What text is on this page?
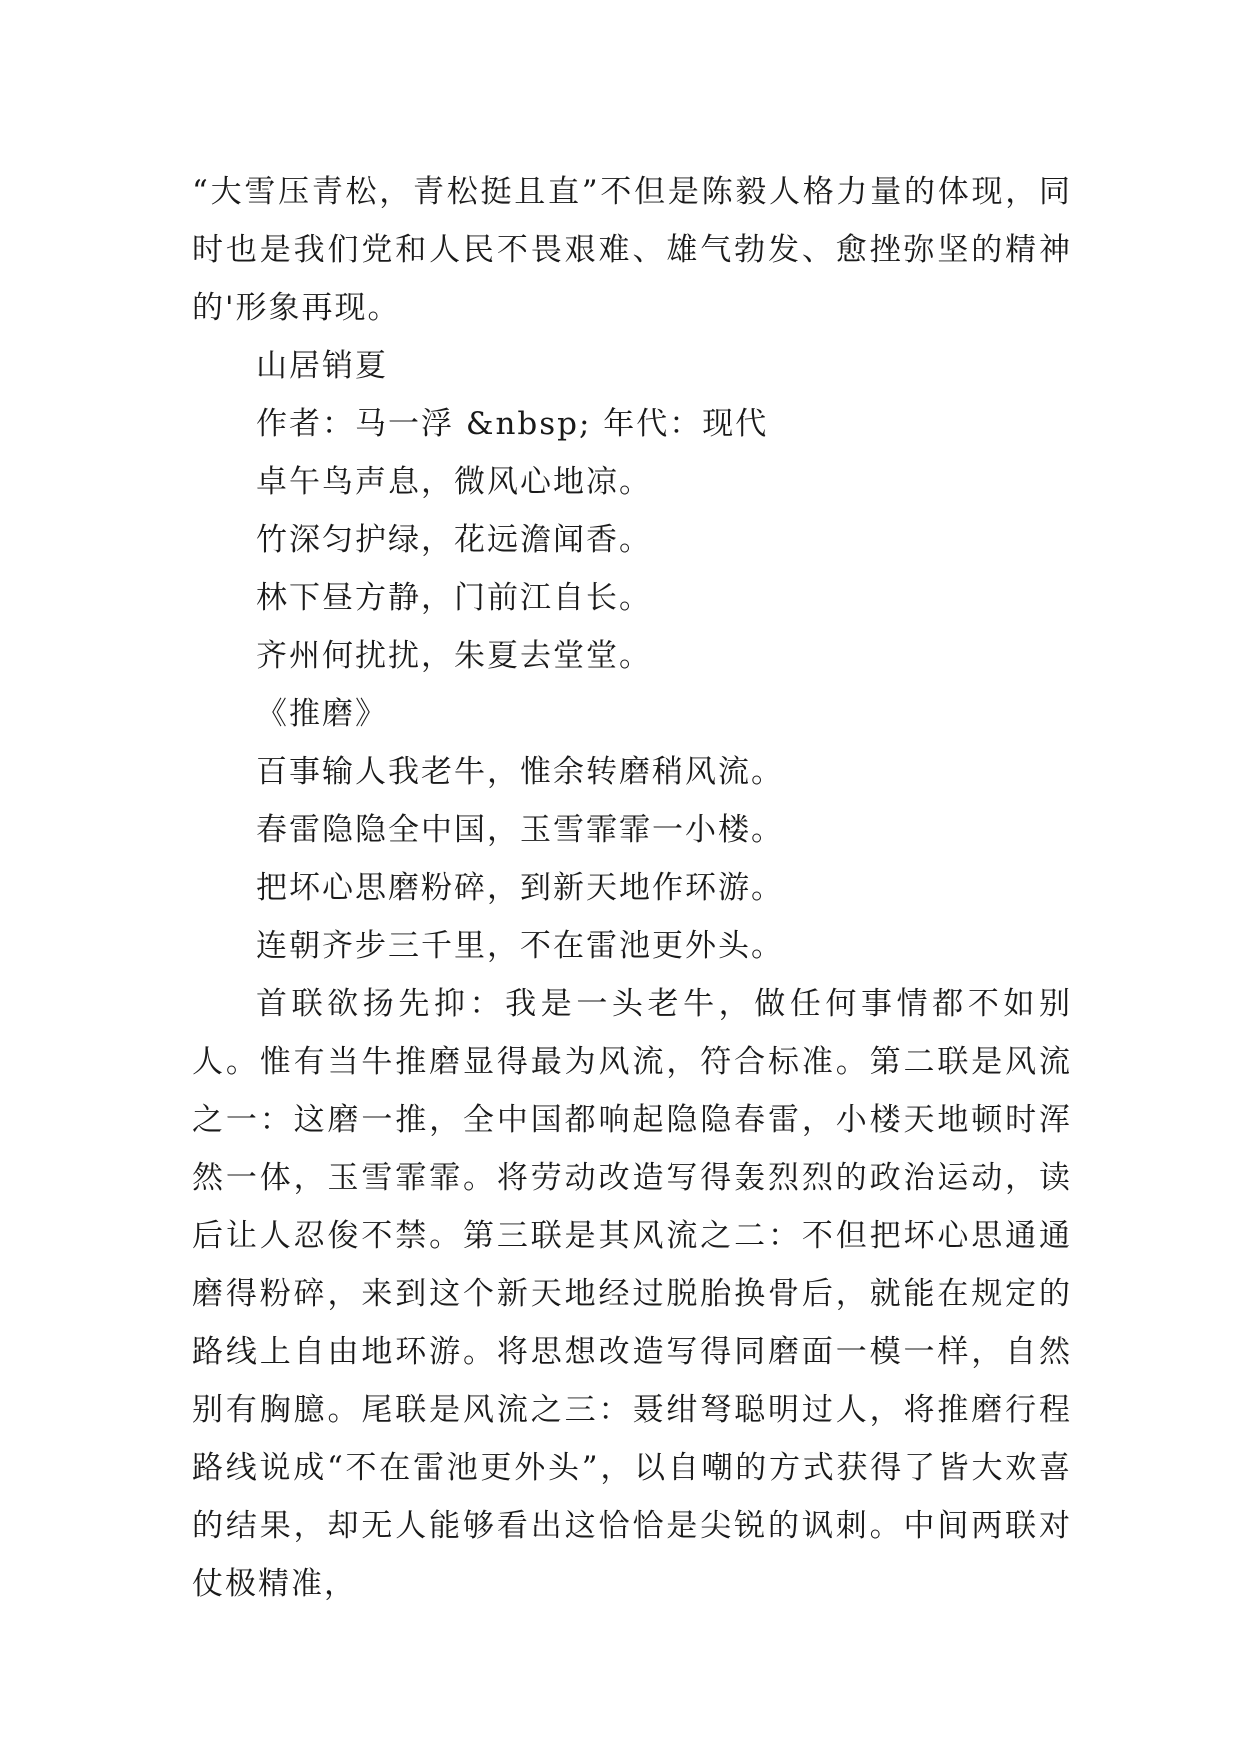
“大雪压青松，青松挺且直”不但是陈毅人格力量的体现，同时也是我们党和人民不畏艰难、雄气勃发、愈挫弥坚的精神的'形象再现。

山居销夏

作者：马一浮 &nbsp; 年代：现代

卓午鸟声息，微风心地凉。

竹深匀护绿，花远澹闻香。

林下昼方静，门前江自长。

齐州何扰扰，朱夏去堂堂。

《推磨》

百事输人我老牛，惟余转磨稍风流。

春雷隐隐全中国，玉雪霏霏一小楼。

把坏心思磨粉碎，到新天地作环游。

连朝齐步三千里，不在雷池更外头。

首联欲扬先抑：我是一头老牛，做任何事情都不如别人。惟有当牛推磨显得最为风流，符合标准。第二联是风流之一：这磨一推，全中国都响起隐隐春雷，小楼天地顿时浑然一体，玉雪霏霏。将劳动改造写得轰烈烈的政治运动，读后让人忍俊不禁。第三联是其风流之二：不但把坏心思通通磨得粉碎，来到这个新天地经过脱胎换骨后，就能在规定的路线上自由地环游。将思想改造写得同磨面一模一样，自然别有胸臆。尾联是风流之三：聂绀弩聪明过人，将推磨行程路线说成“不在雷池更外头”，以自嘲的方式获得了皆大欢喜的结果，却无人能够看出这恰恰是尖锐的讽刺。中间两联对仗极精准，
